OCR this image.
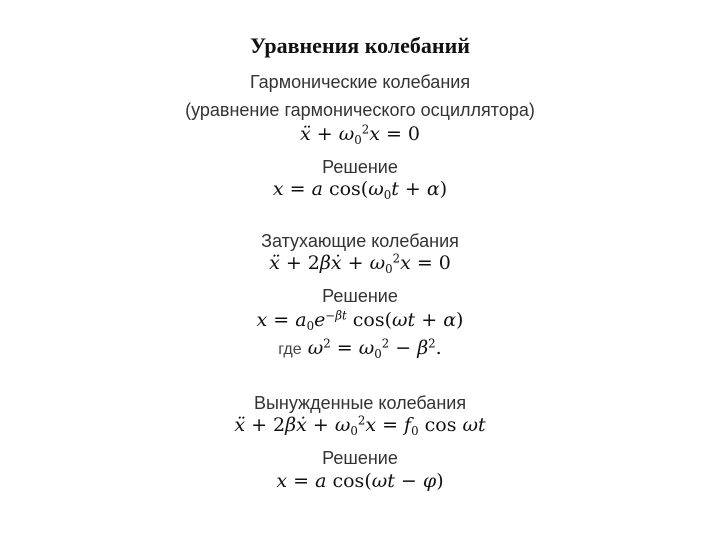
Уравнения колебаний
Гармонические колебания
(уравнение гармонического осциллятора)
ẍ + $\omega_0^2x = 0$
Решение
x = a $\cos(\omega_0t + \alpha)$
Затухающие колебания
ẍ + 2βẋ + $\omega_0^2x = 0$
Решение
$x = a_0e^{-\beta t}$ cos(ωt + α)
где $\omega^2 = \omega_0^2 - \beta^2$.
Вынужденные колебания
ẍ + 2βẋ + $\omega_0^2x = f_0$ cos ωt
Решение
x = a cos(ωt − φ)
